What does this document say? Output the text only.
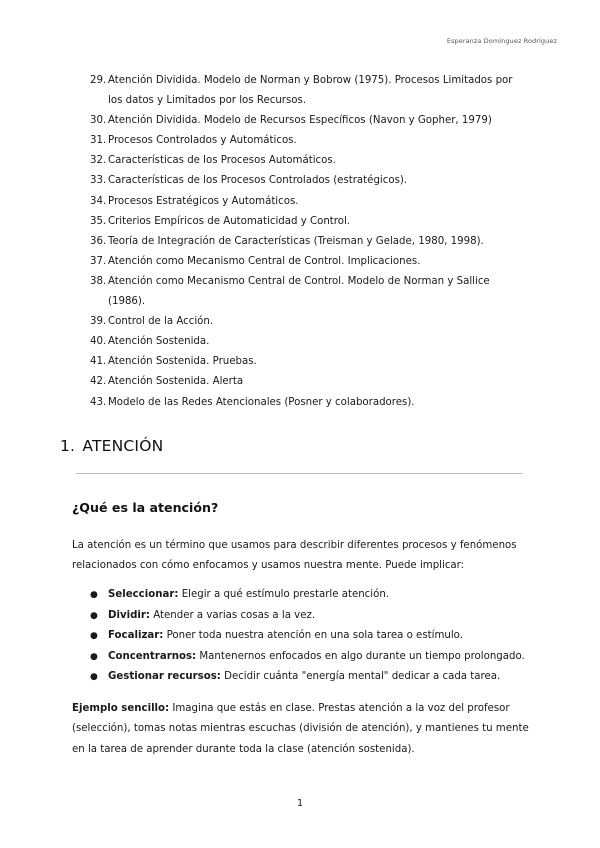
Esperanza Domínguez Rodríguez
29. Atención Dividida. Modelo de Norman y Bobrow (1975). Procesos Limitados por los datos y Limitados por los Recursos.
30. Atención Dividida. Modelo de Recursos Específicos (Navon y Gopher, 1979)
31. Procesos Controlados y Automáticos.
32. Características de los Procesos Automáticos.
33. Características de los Procesos Controlados (estratégicos).
34. Procesos Estratégicos y Automáticos.
35. Criterios Empíricos de Automaticidad y Control.
36. Teoría de Integración de Características (Treisman y Gelade, 1980, 1998).
37. Atención como Mecanismo Central de Control. Implicaciones.
38. Atención como Mecanismo Central de Control. Modelo de Norman y Sallice (1986).
39. Control de la Acción.
40. Atención Sostenida.
41. Atención Sostenida. Pruebas.
42. Atención Sostenida. Alerta
43. Modelo de las Redes Atencionales (Posner y colaboradores).
1. ATENCIÓN
¿Qué es la atención?

La atención es un término que usamos para describir diferentes procesos y fenómenos relacionados con cómo enfocamos y usamos nuestra mente. Puede implicar:

● Seleccionar: Elegir a qué estímulo prestarle atención.
● Dividir: Atender a varias cosas a la vez.
● Focalizar: Poner toda nuestra atención en una sola tarea o estímulo.
● Concentrarnos: Mantenernos enfocados en algo durante un tiempo prolongado.
● Gestionar recursos: Decidir cuánta "energía mental" dedicar a cada tarea.

Ejemplo sencillo: Imagina que estás en clase. Prestas atención a la voz del profesor (selección), tomas notas mientras escuchas (división de atención), y mantienes tu mente en la tarea de aprender durante toda la clase (atención sostenida).

1
